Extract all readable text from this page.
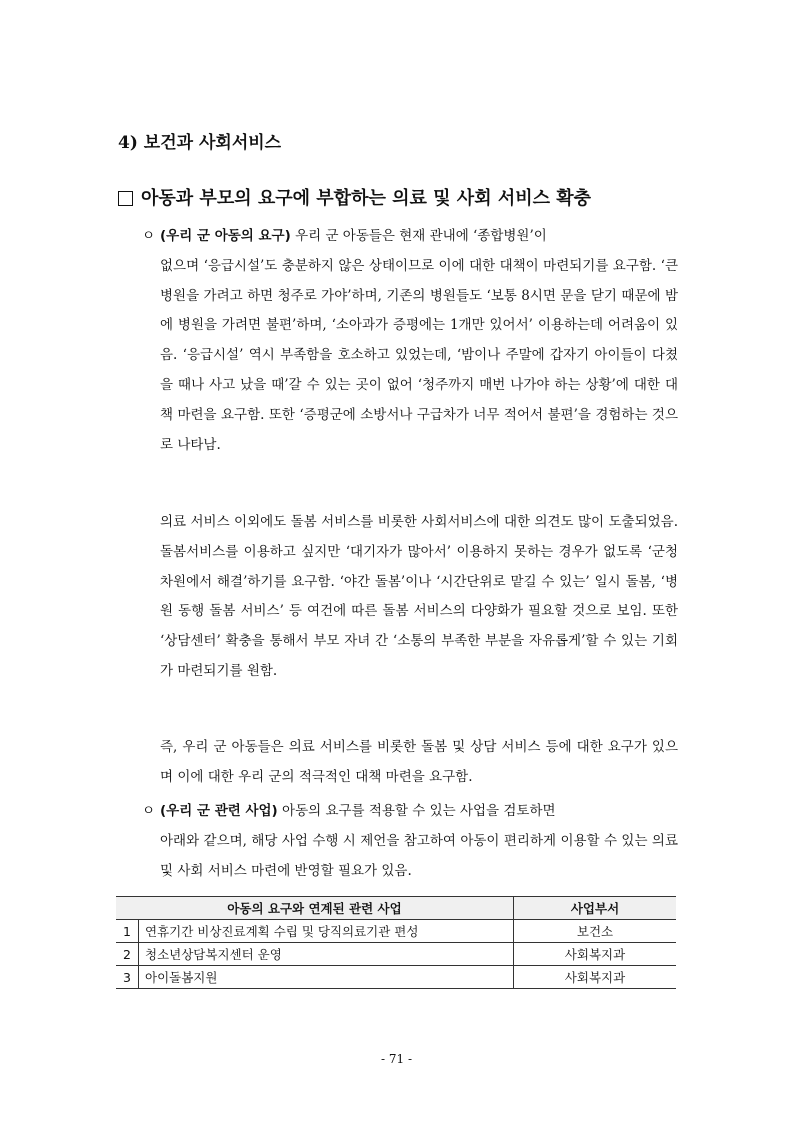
4) 보건과 사회서비스
아동과 부모의 요구에 부합하는 의료 및 사회 서비스 확충

ㅇ (우리 군 아동의 요구) 우리 군 아동들은 현재 관내에 ‘종합병원’이
없으며 ‘응급시설’도 충분하지 않은 상태이므로 이에 대한 대책이 마련되기를 요구함. ‘큰 병원을 가려고 하면 청주로 가야’하며, 기존의 병원들도 ‘보통 8시면 문을 닫기 때문에 밤에 병원을 가려면 불편’하며, ‘소아과가 증평에는 1개만 있어서’ 이용하는데 어려움이 있음. ‘응급시설’ 역시 부족함을 호소하고 있었는데, ‘밤이나 주말에 갑자기 아이들이 다쳤을 때나 사고 났을 때’갈 수 있는 곳이 없어 ‘청주까지 매번 나가야 하는 상황’에 대한 대책 마련을 요구함. 또한 ‘증평군에 소방서나 구급차가 너무 적어서 불편’을 경험하는 것으로 나타남.

의료 서비스 이외에도 돌봄 서비스를 비롯한 사회서비스에 대한 의견도 많이 도출되었음. 돌봄서비스를 이용하고 싶지만 ‘대기자가 많아서’ 이용하지 못하는 경우가 없도록 ‘군청차원에서 해결’하기를 요구함. ‘야간 돌봄’이나 ‘시간단위로 맡길 수 있는’ 일시 돌봄, ‘병원 동행 돌봄 서비스’ 등 여건에 따른 돌봄 서비스의 다양화가 필요할 것으로 보임. 또한 ‘상담센터’ 확충을 통해서 부모 자녀 간 ‘소통의 부족한 부분을 자유롭게’할 수 있는 기회가 마련되기를 원함.

즉, 우리 군 아동들은 의료 서비스를 비롯한 돌봄 및 상담 서비스 등에 대한 요구가 있으며 이에 대한 우리 군의 적극적인 대책 마련을 요구함.

ㅇ (우리 군 관련 사업) 아동의 요구를 적용할 수 있는 사업을 검토하면
아래와 같으며, 해당 사업 수행 시 제언을 참고하여 아동이 편리하게 이용할 수 있는 의료 및 사회 서비스 마련에 반영할 필요가 있음.

아동의 요구와 연계된 관련 사업		사업부서
1	연휴기간 비상진료계획 수립 및 당직의료기관 편성	보건소
2	청소년상담복지센터 운영	사회복지과
3	아이돌봄지원	사회복지과

- 71 -
